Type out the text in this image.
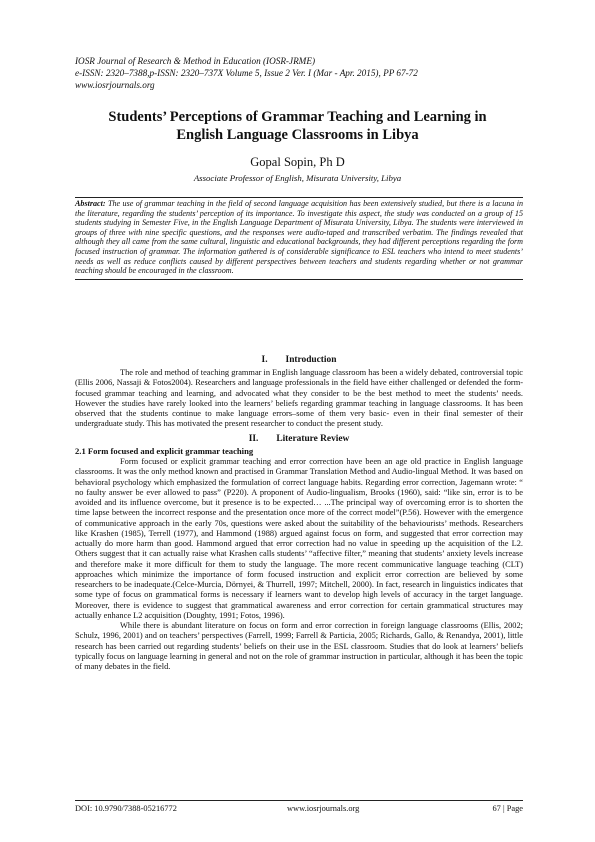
IOSR Journal of Research & Method in Education (IOSR-JRME)
e-ISSN: 2320–7388,p-ISSN: 2320–737X Volume 5, Issue 2 Ver. I (Mar - Apr. 2015), PP 67-72
www.iosrjournals.org
Students’ Perceptions of Grammar Teaching and Learning in
English Language Classrooms in Libya
Gopal Sopin, Ph D
Associate Professor of English, Misurata University, Libya
Abstract: The use of grammar teaching in the field of second language acquisition has been extensively studied, but there is a lacuna in the literature, regarding the students’ perception of its importance. To investigate this aspect, the study was conducted on a group of 15 students studying in Semester Five, in the English Language Department of Misurata University, Libya. The students were interviewed in groups of three with nine specific questions, and the responses were audio-taped and transcribed verbatim. The findings revealed that although they all came from the same cultural, linguistic and educational backgrounds, they had different perceptions regarding the form focused instruction of grammar. The information gathered is of considerable significance to ESL teachers who intend to meet students’ needs as well as reduce conflicts caused by different perspectives between teachers and students regarding whether or not grammar teaching should be encouraged in the classroom.
I. Introduction

The role and method of teaching grammar in English language classroom has been a widely debated, controversial topic (Ellis 2006, Nassaji & Fotos2004). Researchers and language professionals in the field have either challenged or defended the form-focused grammar teaching and learning, and advocated what they consider to be the best method to meet the students’ needs. However the studies have rarely looked into the learners’ beliefs regarding grammar teaching in language classrooms. It has been observed that the students continue to make language errors–some of them very basic- even in their final semester of their undergraduate study. This has motivated the present researcher to conduct the present study.

II. Literature Review
2.1 Form focused and explicit grammar teaching

Form focused or explicit grammar teaching and error correction have been an age old practice in English language classrooms. It was the only method known and practised in Grammar Translation Method and Audio-lingual Method. It was based on behavioral psychology which emphasized the formulation of correct language habits. Regarding error correction, Jagemann wrote: “ no faulty answer be ever allowed to pass” (P220). A proponent of Audio-lingualism, Brooks (1960), said: “like sin, error is to be avoided and its influence overcome, but it presence is to be expected… ...The principal way of overcoming error is to shorten the time lapse between the incorrect response and the presentation once more of the correct model”(P.56). However with the emergence of communicative approach in the early 70s, questions were asked about the suitability of the behaviourists’ methods. Researchers like Krashen (1985), Terrell (1977), and Hammond (1988) argued against focus on form, and suggested that error correction may actually do more harm than good. Hammond argued that error correction had no value in speeding up the acquisition of the L2. Others suggest that it can actually raise what Krashen calls students’ “affective filter,” meaning that students’ anxiety levels increase and therefore make it more difficult for them to study the language. The more recent communicative language teaching (CLT) approaches which minimize the importance of form focused instruction and explicit error correction are believed by some researchers to be inadequate.(Celce-Murcia, Dörnyei, & Thurrell, 1997; Mitchell, 2000). In fact, research in linguistics indicates that some type of focus on grammatical forms is necessary if learners want to develop high levels of accuracy in the target language. Moreover, there is evidence to suggest that grammatical awareness and error correction for certain grammatical structures may actually enhance L2 acquisition (Doughty, 1991; Fotos, 1996).

While there is abundant literature on focus on form and error correction in foreign language classrooms (Ellis, 2002; Schulz, 1996, 2001) and on teachers’ perspectives (Farrell, 1999; Farrell & Particia, 2005; Richards, Gallo, & Renandya, 2001), little research has been carried out regarding students’ beliefs on their use in the ESL classroom. Studies that do look at learners’ beliefs typically focus on language learning in general and not on the role of grammar instruction in particular, although it has been the topic of many debates in the field.

DOI: 10.9790/7388-05216772	www.iosrjournals.org	67 | Page
